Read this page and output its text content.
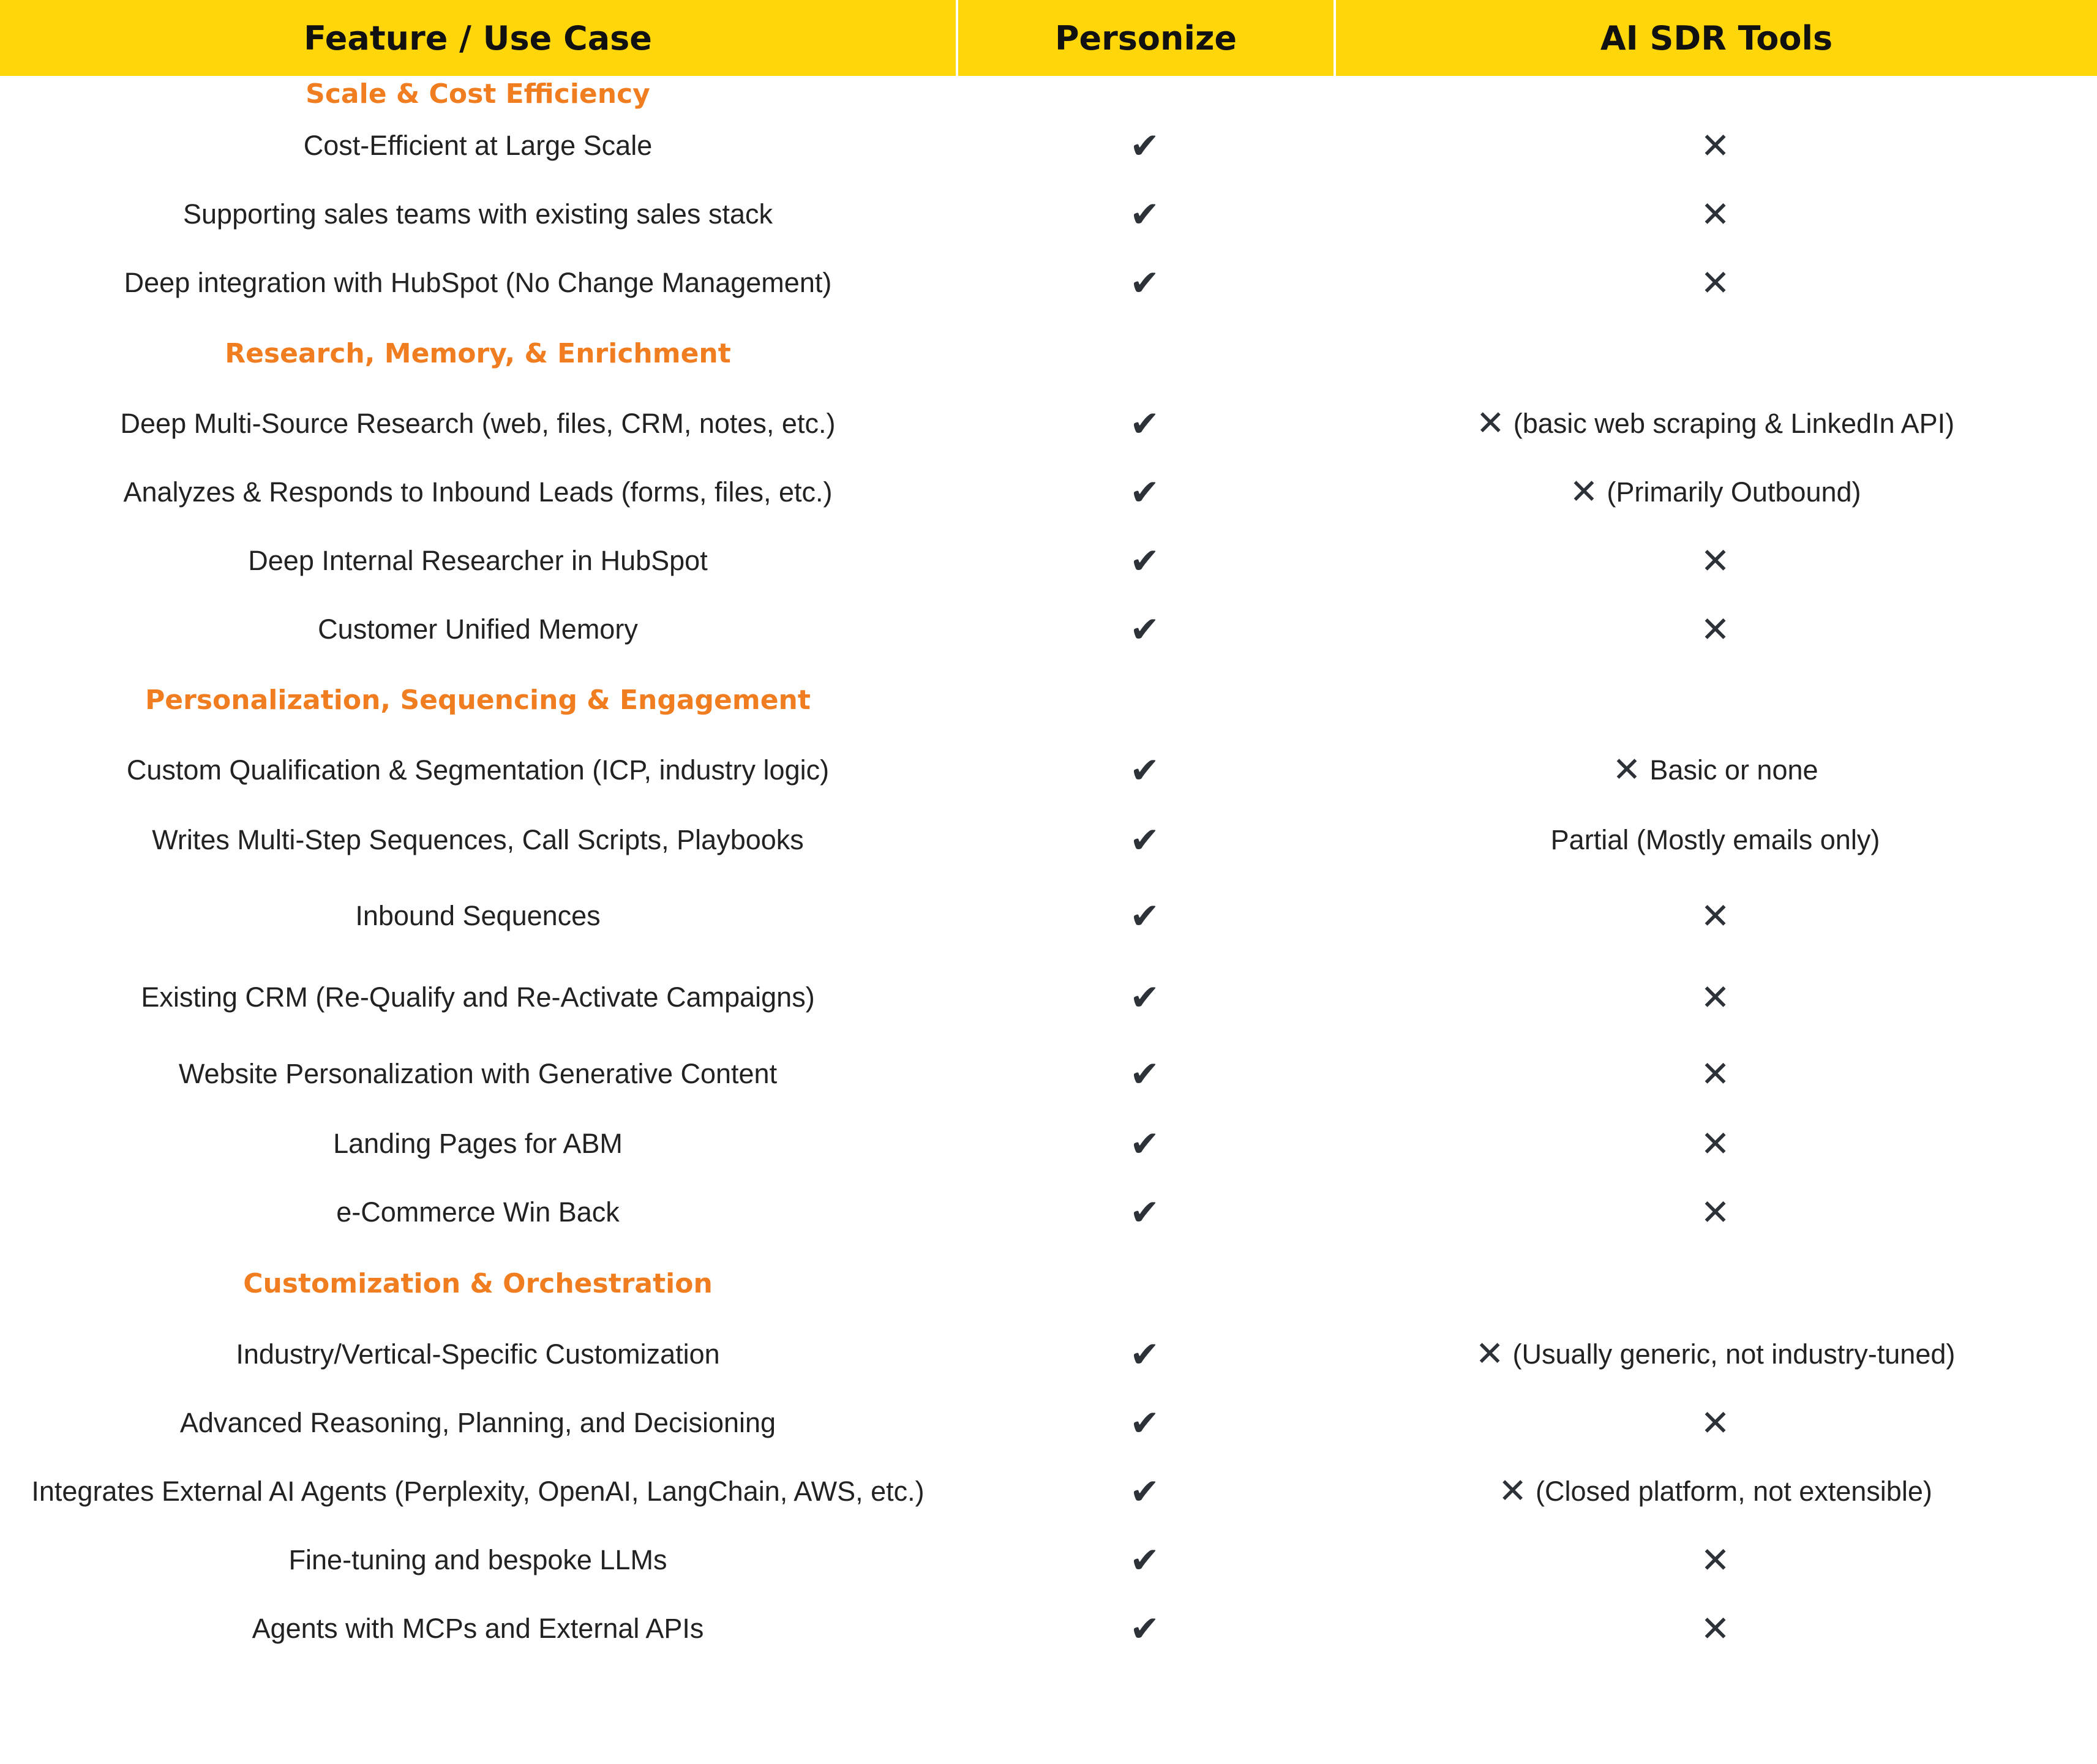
Feature / Use Case	Personize	AI SDR Tools
Scale & Cost Efficiency
Cost-Efficient at Large Scale	✔	✕
Supporting sales teams with existing sales stack	✔	✕
Deep integration with HubSpot (No Change Management)	✔	✕
Research, Memory, & Enrichment
Deep Multi-Source Research (web, files, CRM, notes, etc.)	✔	✕ (basic web scraping & LinkedIn API)
Analyzes & Responds to Inbound Leads (forms, files, etc.)	✔	✕ (Primarily Outbound)
Deep Internal Researcher in HubSpot	✔	✕
Customer Unified Memory	✔	✕
Personalization, Sequencing & Engagement
Custom Qualification & Segmentation (ICP, industry logic)	✔	✕ Basic or none
Writes Multi-Step Sequences, Call Scripts, Playbooks	✔	Partial (Mostly emails only)
Inbound Sequences	✔	✕
Existing CRM (Re-Qualify and Re-Activate Campaigns)	✔	✕
Website Personalization with Generative Content	✔	✕
Landing Pages for ABM	✔	✕
e-Commerce Win Back	✔	✕
Customization & Orchestration
Industry/Vertical-Specific Customization	✔	✕ (Usually generic, not industry-tuned)
Advanced Reasoning, Planning, and Decisioning	✔	✕
Integrates External AI Agents (Perplexity, OpenAI, LangChain, AWS, etc.)	✔	✕ (Closed platform, not extensible)
Fine-tuning and bespoke LLMs	✔	✕
Agents with MCPs and External APIs	✔	✕
